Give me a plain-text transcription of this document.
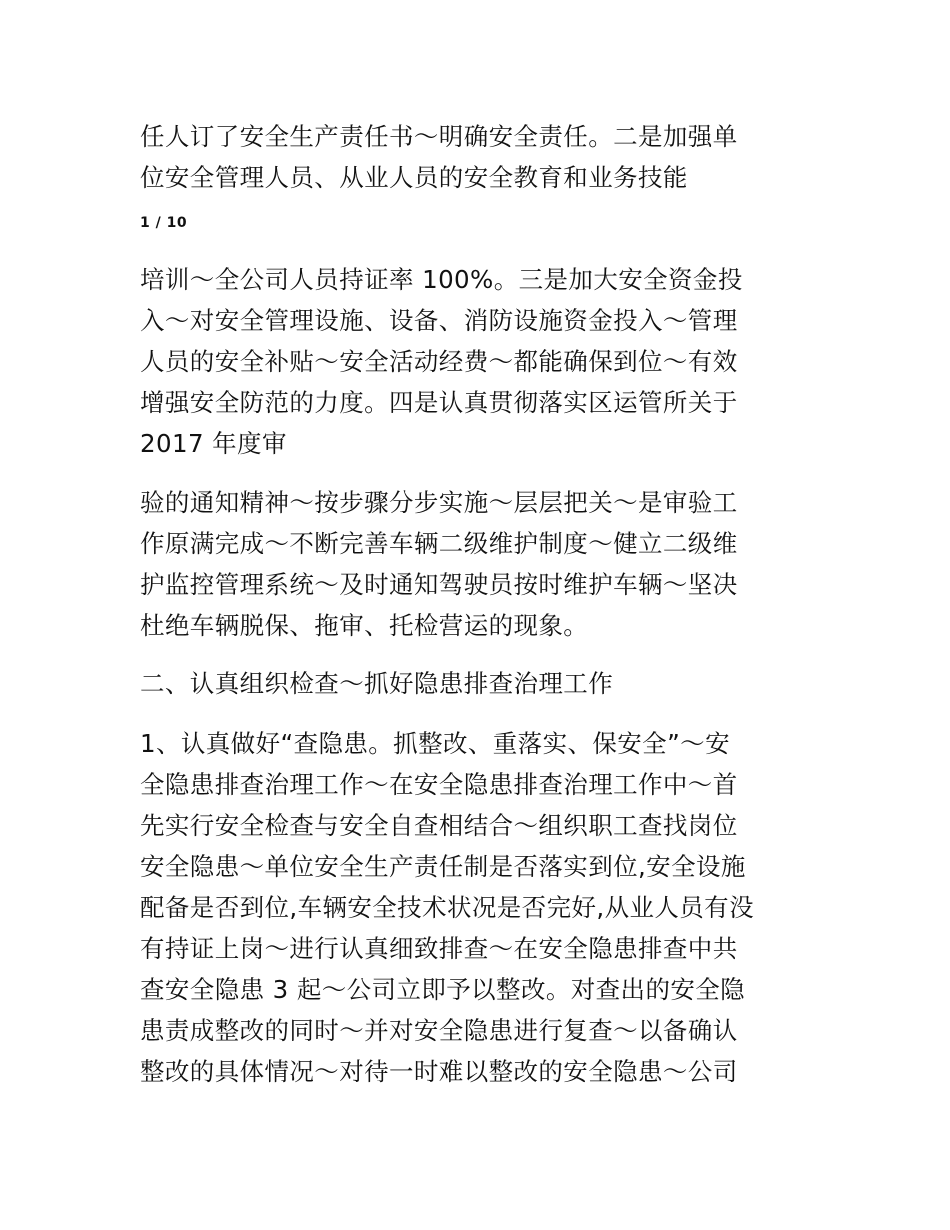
任人订了安全生产责任书～明确安全责任。二是加强单
位安全管理人员、从业人员的安全教育和业务技能
1 / 10
培训～全公司人员持证率 100%。三是加大安全资金投
入～对安全管理设施、设备、消防设施资金投入～管理
人员的安全补贴～安全活动经费～都能确保到位～有效
增强安全防范的力度。四是认真贯彻落实区运管所关于
2017 年度审
验的通知精神～按步骤分步实施～层层把关～是审验工
作原满完成～不断完善车辆二级维护制度～健立二级维
护监控管理系统～及时通知驾驶员按时维护车辆～坚决
杜绝车辆脱保、拖审、托检营运的现象。
二、认真组织检查～抓好隐患排查治理工作
1、认真做好“查隐患。抓整改、重落实、保安全”～安
全隐患排查治理工作～在安全隐患排查治理工作中～首
先实行安全检查与安全自查相结合～组织职工查找岗位
安全隐患～单位安全生产责任制是否落实到位,安全设施
配备是否到位,车辆安全技术状况是否完好,从业人员有没
有持证上岗～进行认真细致排查～在安全隐患排查中共
查安全隐患 3 起～公司立即予以整改。对查出的安全隐
患责成整改的同时～并对安全隐患进行复查～以备确认
整改的具体情况～对待一时难以整改的安全隐患～公司
